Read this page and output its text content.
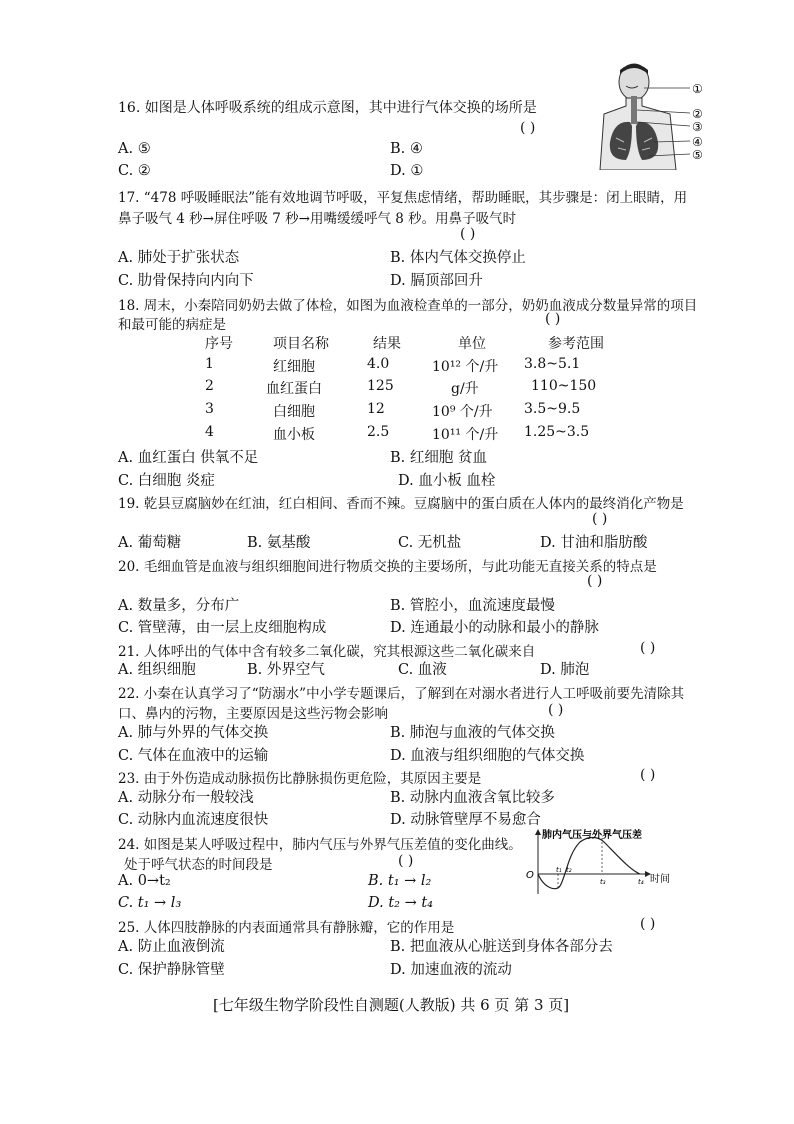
16. 如图是人体呼吸系统的组成示意图，其中进行气体交换的场所是
( )
A. ⑤	B. ④
C. ②	D. ①
①
②
③
④
⑤
17. “478 呼吸睡眠法”能有效地调节呼吸，平复焦虑情绪，帮助睡眠，其步骤是：闭上眼睛，用
鼻子吸气 4 秒→屏住呼吸 7 秒→用嘴缓缓呼气 8 秒。用鼻子吸气时
( )
A. 肺处于扩张状态	B. 体内气体交换停止
C. 肋骨保持向内向下	D. 膈顶部回升
18. 周末，小秦陪同奶奶去做了体检，如图为血液检查单的一部分，奶奶血液成分数量异常的项目
和最可能的病症是	( )
序号	项目名称	结果	单位	参考范围
1	红细胞	4.0	10¹² 个/升 3.8~5.1
2	血红蛋白	125	g/升	110~150
3	白细胞	12	10⁹ 个/升 3.5~9.5
4	血小板	2.5	10¹¹ 个/升 1.25~3.5
A. 血红蛋白 供氧不足	B. 红细胞 贫血
C. 白细胞 炎症	D. 血小板 血栓
19. 乾县豆腐脑妙在红油，红白相间、香而不辣。豆腐脑中的蛋白质在人体内的最终消化产物是
( )
A. 葡萄糖	B. 氨基酸	C. 无机盐	D. 甘油和脂肪酸
20. 毛细血管是血液与组织细胞间进行物质交换的主要场所，与此功能无直接关系的特点是
( )
A. 数量多，分布广	B. 管腔小，血流速度最慢
C. 管壁薄，由一层上皮细胞构成	D. 连通最小的动脉和最小的静脉
21. 人体呼出的气体中含有较多二氧化碳，究其根源这些二氧化碳来自	( )
A. 组织细胞	B. 外界空气	C. 血液	D. 肺泡
22. 小秦在认真学习了“防溺水”中小学专题课后，了解到在对溺水者进行人工呼吸前要先清除其
口、鼻内的污物，主要原因是这些污物会影响	( )
A. 肺与外界的气体交换	B. 肺泡与血液的气体交换
C. 气体在血液中的运输	D. 血液与组织细胞的气体交换
23. 由于外伤造成动脉损伤比静脉损伤更危险，其原因主要是	( )
A. 动脉分布一般较浅	B. 动脉内血液含氧比较多
C. 动脉内血流速度很快	D. 动脉管壁厚不易愈合
24. 如图是某人呼吸过程中，肺内气压与外界气压差值的变化曲线。
处于呼气状态的时间段是	( )
A. 0→t₂	B. t₁ → l₂
C. t₁ → l₃	D. t₂ → t₄
肺内气压与外界气压差
O	t₁ t₂
t₃	t₄ 时间
25. 人体四肢静脉的内表面通常具有静脉瓣，它的作用是	( )
A. 防止血液倒流	B. 把血液从心脏送到身体各部分去
C. 保护静脉管壁	D. 加速血液的流动
[七年级生物学阶段性自测题(人教版) 共 6 页 第 3 页]
